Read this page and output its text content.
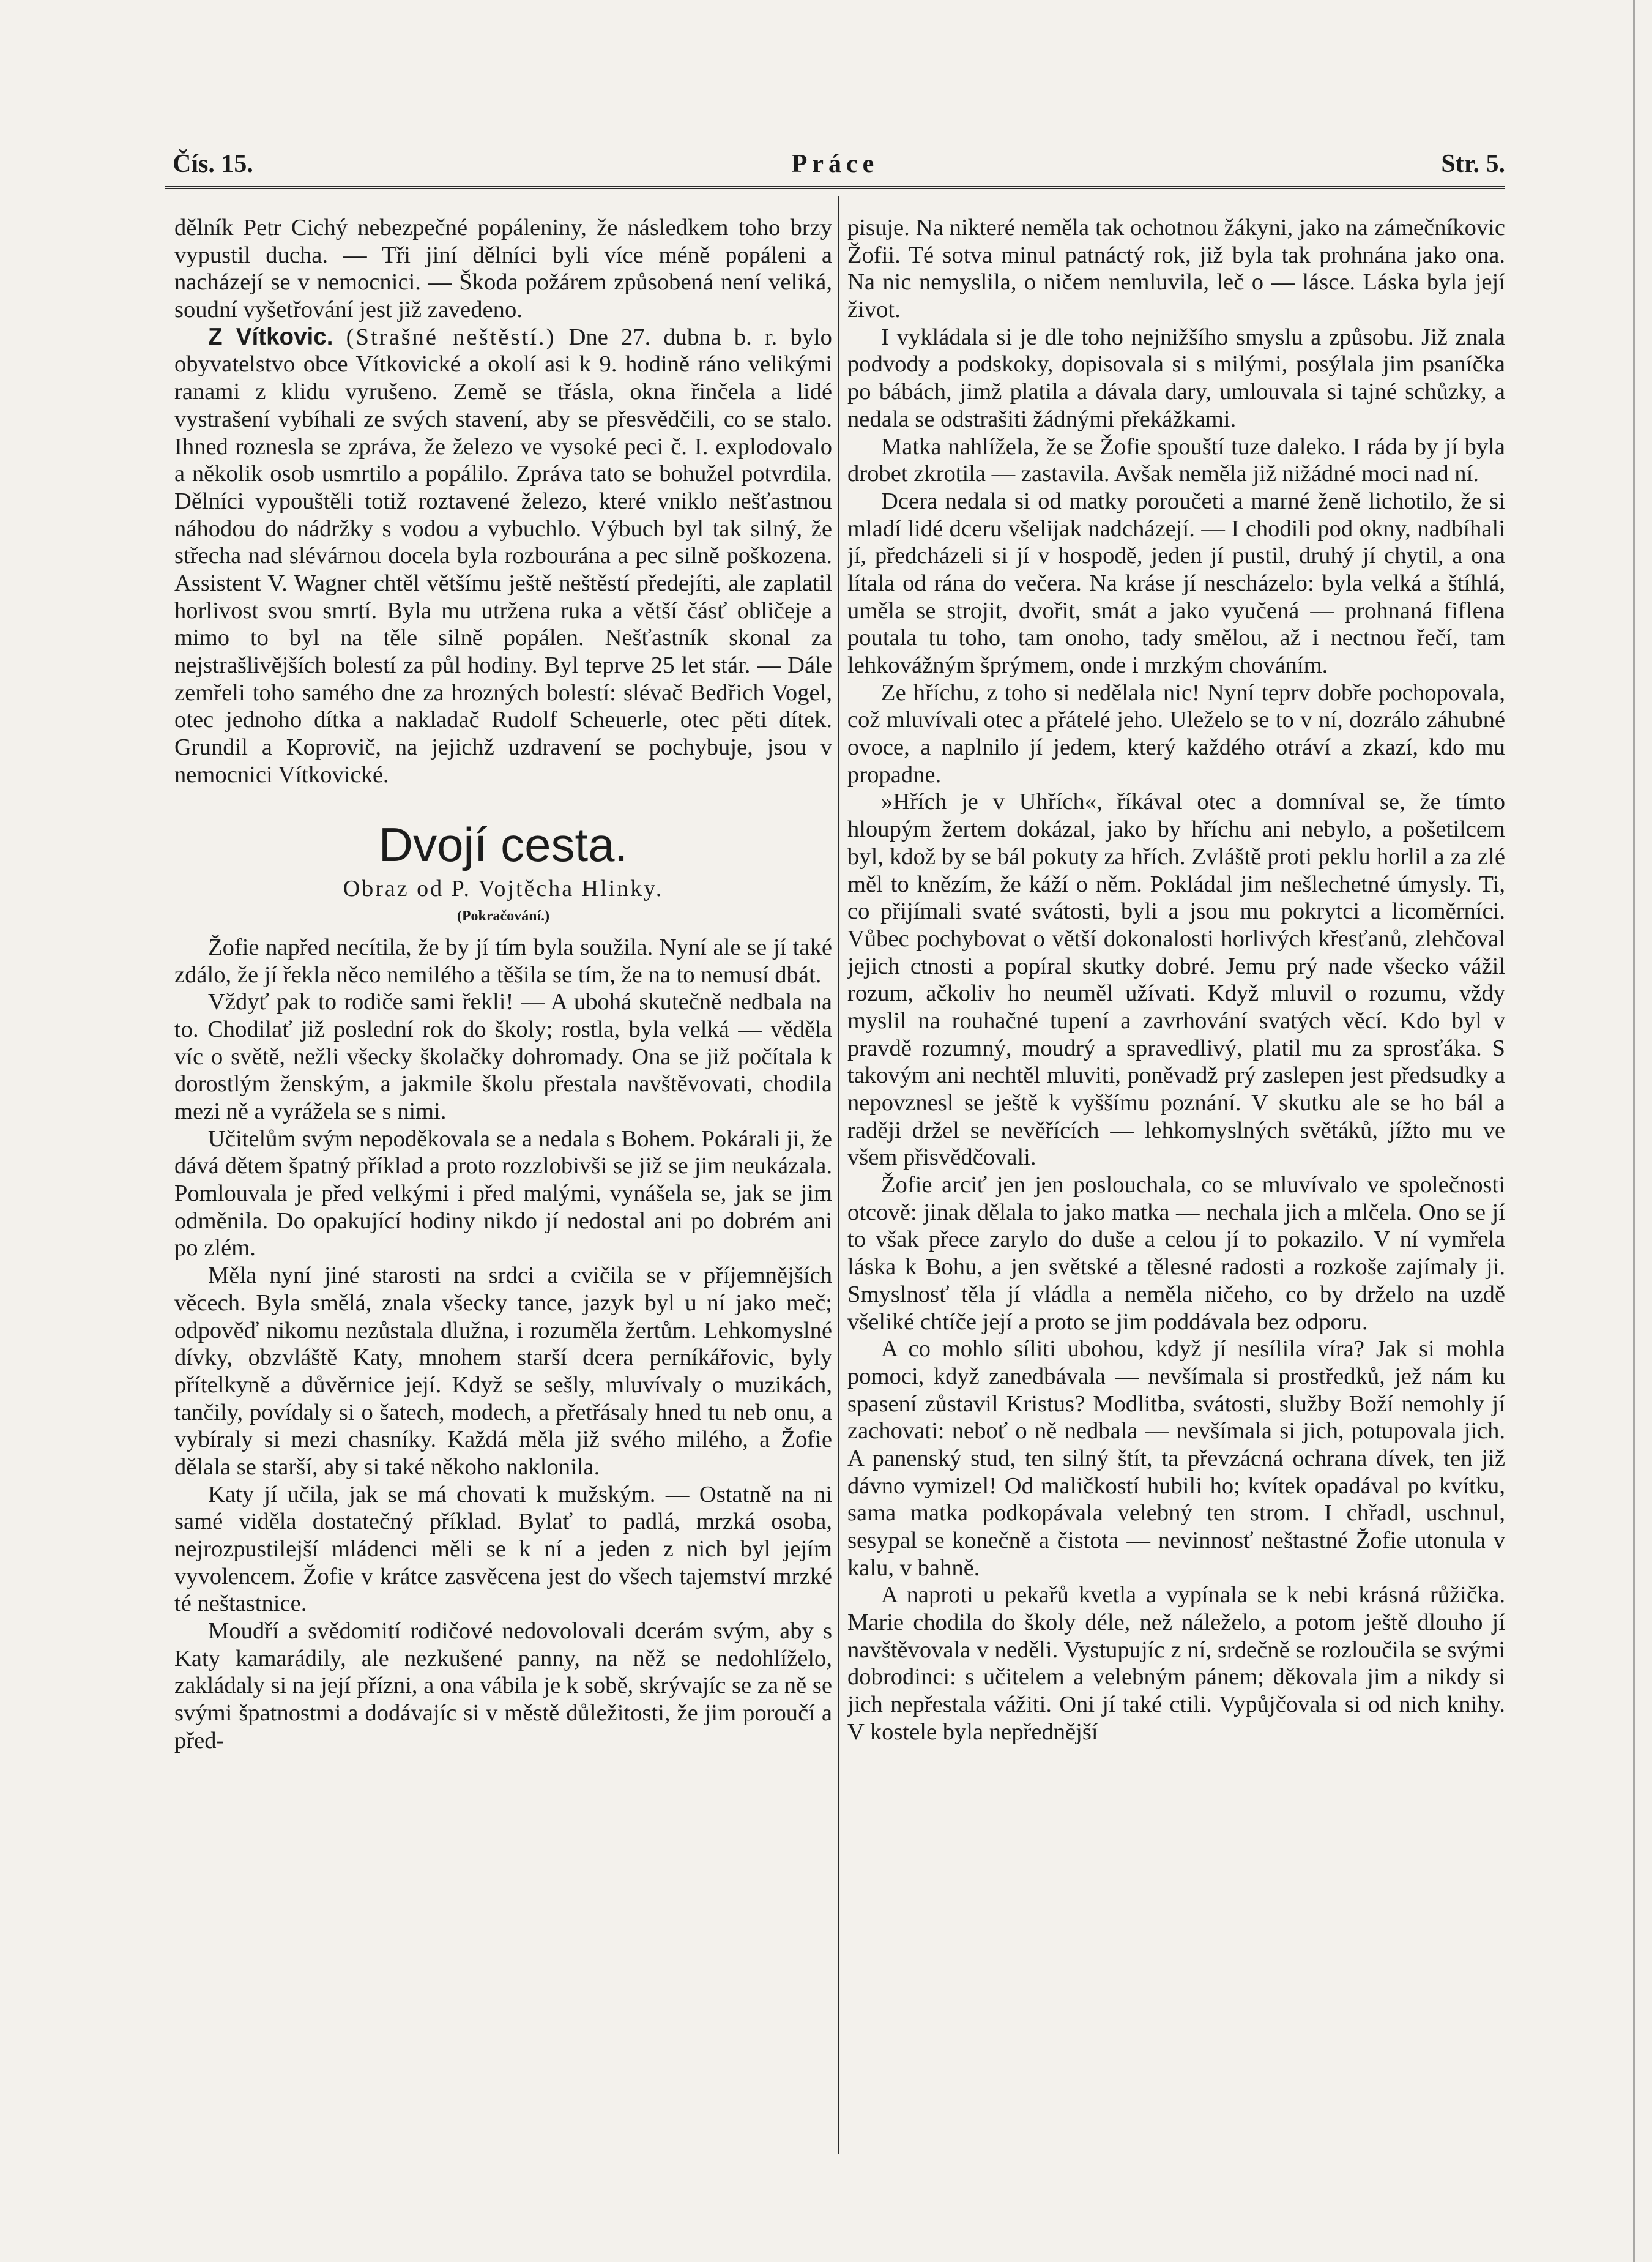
Práce
Čís. 15.	Str. 5.

dělník Petr Cichý nebezpečné popáleniny, že následkem toho brzy vypustil ducha. — Tři jiní dělníci byli více méně popáleni a nacházejí se v nemocnici. — Škoda požárem způsobená není veliká, soudní vyšetřování jest již zavedeno.

Z Vítkovic. (Strašné neštěstí.) Dne 27. dubna b. r. bylo obyvatelstvo obce Vítkovické a okolí asi k 9. hodině ráno velikými ranami z klidu vyrušeno. Země se třásla, okna řinčela a lidé vystrašení vybíhali ze svých stavení, aby se přesvědčili, co se stalo. Ihned roznesla se zpráva, že železo ve vysoké peci č. I. explodovalo a několik osob usmrtilo a popálilo. Zpráva tato se bohužel potvrdila. Dělníci vypouštěli totiž roztavené železo, které vniklo nešťastnou náhodou do nádržky s vodou a vybuchlo. Výbuch byl tak silný, že střecha nad slévárnou docela byla rozbourána a pec silně poškozena. Assistent V. Wagner chtěl většímu ještě neštěstí předejíti, ale zaplatil horlivost svou smrtí. Byla mu utržena ruka a větší čásť obličeje a mimo to byl na těle silně popálen. Nešťastník skonal za nejstrašlivějších bolestí za půl hodiny. Byl teprve 25 let stár. — Dále zemřeli toho samého dne za hrozných bolestí: slévač Bedřich Vogel, otec jednoho dítka a nakladač Rudolf Scheuerle, otec pěti dítek. Grundil a Koprovič, na jejichž uzdravení se pochybuje, jsou v nemocnici Vítkovické.

Dvojí cesta.
Obraz od P. Vojtěcha Hlinky.
(Pokračování.)

Žofie napřed necítila, že by jí tím byla soužila. Nyní ale se jí také zdálo, že jí řekla něco nemilého a těšila se tím, že na to nemusí dbát.

Vždyť pak to rodiče sami řekli! — A ubohá skutečně nedbala na to. Chodilať již poslední rok do školy; rostla, byla velká — věděla víc o světě, nežli všecky školačky dohromady. Ona se již počítala k dorostlým ženským, a jakmile školu přestala navštěvovati, chodila mezi ně a vyrážela se s nimi.

Učitelům svým nepoděkovala se a nedala s Bohem. Pokárali ji, že dává dětem špatný příklad a proto rozzlobivši se již se jim neukázala. Pomlouvala je před velkými i před malými, vynášela se, jak se jim odměnila. Do opakující hodiny nikdo jí nedostal ani po dobrém ani po zlém.

Měla nyní jiné starosti na srdci a cvičila se v příjemnějších věcech. Byla smělá, znala všecky tance, jazyk byl u ní jako meč; odpověď nikomu nezůstala dlužna, i rozuměla žertům. Lehkomyslné dívky, obzvláště Katy, mnohem starší dcera perníkářovic, byly přítelkyně a důvěrnice její. Když se sešly, mluvívaly o muzikách, tančily, povídaly si o šatech, modech, a přetřásaly hned tu neb onu, a vybíraly si mezi chasníky. Každá měla již svého milého, a Žofie dělala se starší, aby si také někoho naklonila.

Katy jí učila, jak se má chovati k mužským. — Ostatně na ni samé viděla dostatečný příklad. Bylať to padlá, mrzká osoba, nejrozpustilejší mládenci měli se k ní a jeden z nich byl jejím vyvolencem. Žofie v krátce zasvěcena jest do všech tajemství mrzké té neštastnice.

Moudří a svědomití rodičové nedovolovali dcerám svým, aby s Katy kamarádily, ale nezkušené panny, na něž se nedohlíželo, zakládaly si na její přízni, a ona vábila je k sobě, skrývajíc se za ně se svými špatnostmi a dodávajíc si v městě důležitosti, že jim poroučí a před-

pisuje. Na nikteré neměla tak ochotnou žákyni, jako na zámečníkovic Žofii. Té sotva minul patnáctý rok, již byla tak prohnána jako ona. Na nic nemyslila, o ničem nemluvila, leč o — lásce. Láska byla její život.

I vykládala si je dle toho nejnižšího smyslu a způsobu. Již znala podvody a podskoky, dopisovala si s milými, posýlala jim psaníčka po bábách, jimž platila a dávala dary, umlouvala si tajné schůzky, a nedala se odstrašiti žádnými překážkami.

Matka nahlížela, že se Žofie spouští tuze daleko. I ráda by jí byla drobet zkrotila — zastavila. Avšak neměla již nižádné moci nad ní.

Dcera nedala si od matky poroučeti a marné ženě lichotilo, že si mladí lidé dceru všelijak nadcházejí. — I chodili pod okny, nadbíhali jí, předcházeli si jí v hospodě, jeden jí pustil, druhý jí chytil, a ona lítala od rána do večera. Na kráse jí nescházelo: byla velká a štíhlá, uměla se strojit, dvořit, smát a jako vyučená — prohnaná fiflena poutala tu toho, tam onoho, tady smělou, až i nectnou řečí, tam lehkovážným šprýmem, onde i mrzkým chováním.

Ze hříchu, z toho si nedělala nic! Nyní teprv dobře pochopovala, což mluvívali otec a přátelé jeho. Uleželo se to v ní, dozrálo záhubné ovoce, a naplnilo jí jedem, který každého otráví a zkazí, kdo mu propadne.

»Hřích je v Uhřích«, říkával otec a domníval se, že tímto hloupým žertem dokázal, jako by hříchu ani nebylo, a pošetilcem byl, kdož by se bál pokuty za hřích. Zvláště proti peklu horlil a za zlé měl to knězím, že káží o něm. Pokládal jim nešlechetné úmysly. Ti, co přijímali svaté svátosti, byli a jsou mu pokrytci a licoměrníci. Vůbec pochybovat o větší dokonalosti horlivých křesťanů, zlehčoval jejich ctnosti a popíral skutky dobré. Jemu prý nade všecko vážil rozum, ačkoliv ho neuměl užívati. Když mluvil o rozumu, vždy myslil na rouhačné tupení a zavrhování svatých věcí. Kdo byl v pravdě rozumný, moudrý a spravedlivý, platil mu za sprosťáka. S takovým ani nechtěl mluviti, poněvadž prý zaslepen jest předsudky a nepovznesl se ještě k vyššímu poznání. V skutku ale se ho bál a raději držel se nevěřících — lehkomyslných světáků, jížto mu ve všem přisvědčovali.

Žofie arciť jen jen poslouchala, co se mluvívalo ve společnosti otcově: jinak dělala to jako matka — nechala jich a mlčela. Ono se jí to však přece zarylo do duše a celou jí to pokazilo. V ní vymřela láska k Bohu, a jen světské a tělesné radosti a rozkoše zajímaly ji. Smyslnosť těla jí vládla a neměla ničeho, co by drželo na uzdě všeliké chtíče její a proto se jim poddávala bez odporu.

A co mohlo síliti ubohou, když jí nesílila víra? Jak si mohla pomoci, když zanedbávala — nevšímala si prostředků, jež nám ku spasení zůstavil Kristus? Modlitba, svátosti, služby Boží nemohly jí zachovati: neboť o ně nedbala — nevšímala si jich, potupovala jich. A panenský stud, ten silný štít, ta převzácná ochrana dívek, ten již dávno vymizel! Od maličkostí hubili ho; kvítek opadával po kvítku, sama matka podkopávala velebný ten strom. I chřadl, uschnul, sesypal se konečně a čistota — nevinnosť neštastné Žofie utonula v kalu, v bahně.

A naproti u pekařů kvetla a vypínala se k nebi krásná růžička. Marie chodila do školy déle, než náleželo, a potom ještě dlouho jí navštěvovala v neděli. Vystupujíc z ní, srdečně se rozloučila se svými dobrodinci: s učitelem a velebným pánem; děkovala jim a nikdy si jich nepřestala vážiti. Oni jí také ctili. Vypůjčovala si od nich knihy. V kostele byla nepřednější
